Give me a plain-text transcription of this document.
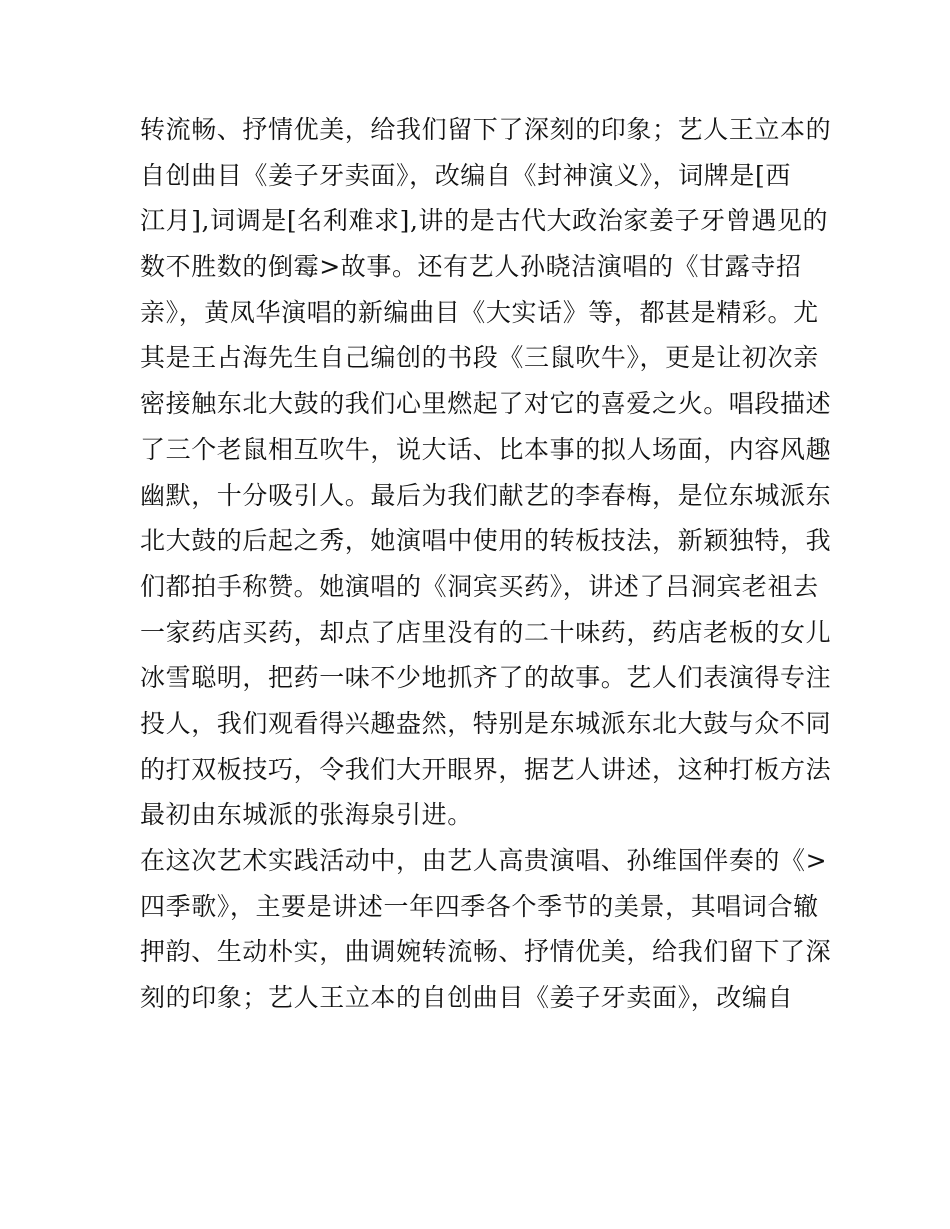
转流畅、抒情优美，给我们留下了深刻的印象；艺人王立本的
自创曲目《姜子牙卖面》，改编自《封神演义》，词牌是[西
江月],词调是[名利难求],讲的是古代大政治家姜子牙曾遇见的
数不胜数的倒霉>故事。还有艺人孙晓洁演唱的《甘露寺招
亲》，黄凤华演唱的新编曲目《大实话》等，都甚是精彩。尤
其是王占海先生自己编创的书段《三鼠吹牛》，更是让初次亲
密接触东北大鼓的我们心里燃起了对它的喜爱之火。唱段描述
了三个老鼠相互吹牛，说大话、比本事的拟人场面，内容风趣
幽默，十分吸引人。最后为我们献艺的李春梅，是位东城派东
北大鼓的后起之秀，她演唱中使用的转板技法，新颖独特，我
们都拍手称赞。她演唱的《洞宾买药》，讲述了吕洞宾老祖去
一家药店买药，却点了店里没有的二十味药，药店老板的女儿
冰雪聪明，把药一味不少地抓齐了的故事。艺人们表演得专注
投人，我们观看得兴趣盎然，特别是东城派东北大鼓与众不同
的打双板技巧，令我们大开眼界，据艺人讲述，这种打板方法
最初由东城派的张海泉引进。
在这次艺术实践活动中，由艺人高贵演唱、孙维国伴奏的《>
四季歌》，主要是讲述一年四季各个季节的美景，其唱词合辙
押韵、生动朴实，曲调婉转流畅、抒情优美，给我们留下了深
刻的印象；艺人王立本的自创曲目《姜子牙卖面》，改编自
